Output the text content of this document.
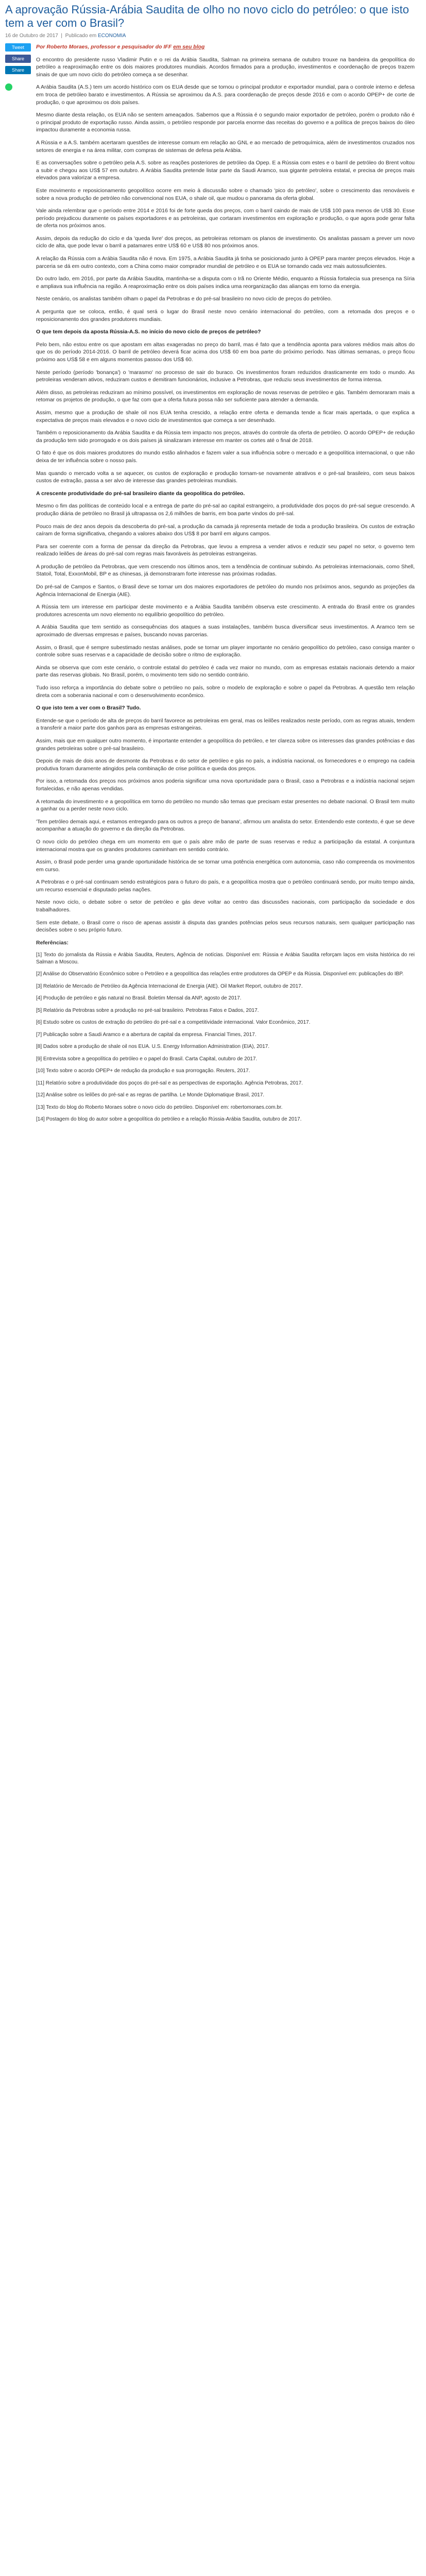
A aprovação Rússia-Arábia Saudita de olho no novo ciclo do petróleo: o que isto tem a ver com o Brasil?
16 de Outubro de 2017  |  Publicado em ECONOMIA
Tweet
Share
Share

Por Roberto Moraes, professor e pesquisador do IFF em seu blog

O encontro do presidente russo Vladimir Putin e o rei da Arábia Saudita, Salman na primeira semana de outubro trouxe na bandeira da geopolítica do petróleo a reaproximação entre os dois maiores produtores mundiais. Acordos firmados para a produção, investimentos e coordenação de preços trazem sinais de que um novo ciclo do petróleo começa a se desenhar.

A Arábia Saudita (A.S.) tem um acordo histórico com os EUA desde que se tornou o principal produtor e exportador mundial, para o controle interno e defesa em troca de petróleo barato e investimentos. A Rússia se aproximou da A.S. para coordenação de preços desde 2016 e com o acordo OPEP+ de corte de produção, o que aproximou os dois países.

Mesmo diante desta relação, os EUA não se sentem ameaçados. Sabemos que a Rússia é o segundo maior exportador de petróleo, porém o produto não é o principal produto de exportação russo. Ainda assim, o petróleo responde por parcela enorme das receitas do governo e a política de preços baixos do óleo impactou duramente a economia russa.

A Rússia e a A.S. também acertaram questões de interesse comum em relação ao GNL e ao mercado de petroquímica, além de investimentos cruzados nos setores de energia e na área militar, com compras de sistemas de defesa pela Arábia.

E as conversações sobre o petróleo pela A.S. sobre as reações posteriores de petróleo da Opep. E a Rússia com estes e o barril de petróleo do Brent voltou a subir e chegou aos US$ 57 em outubro. A Arábia Saudita pretende listar parte da Saudi Aramco, sua gigante petroleira estatal, e precisa de preços mais elevados para valorizar a empresa.

Este movimento e reposicionamento geopolítico ocorre em meio à discussão sobre o chamado 'pico do petróleo', sobre o crescimento das renováveis e sobre a nova produção de petróleo não convencional nos EUA, o shale oil, que mudou o panorama da oferta global.

Vale ainda relembrar que o período entre 2014 e 2016 foi de forte queda dos preços, com o barril caindo de mais de US$ 100 para menos de US$ 30. Esse período prejudicou duramente os países exportadores e as petroleiras, que cortaram investimentos em exploração e produção, o que agora pode gerar falta de oferta nos próximos anos.

Assim, depois da redução do ciclo e da 'queda livre' dos preços, as petroleiras retomam os planos de investimento. Os analistas passam a prever um novo ciclo de alta, que pode levar o barril a patamares entre US$ 60 e US$ 80 nos próximos anos.

A relação da Rússia com a Arábia Saudita não é nova. Em 1975, a Arábia Saudita já tinha se posicionado junto à OPEP para manter preços elevados. Hoje a parceria se dá em outro contexto, com a China como maior comprador mundial de petróleo e os EUA se tornando cada vez mais autossuficientes.

Do outro lado, em 2016, por parte da Arábia Saudita, mantinha-se a disputa com o Irã no Oriente Médio, enquanto a Rússia fortalecia sua presença na Síria e ampliava sua influência na região. A reaproximação entre os dois países indica uma reorganização das alianças em torno da energia.

Neste cenário, os analistas também olham o papel da Petrobras e do pré-sal brasileiro no novo ciclo de preços do petróleo.

A pergunta que se coloca, então, é qual será o lugar do Brasil neste novo cenário internacional do petróleo, com a retomada dos preços e o reposicionamento dos grandes produtores mundiais.

O que tem depois da aposta Rússia-A.S. no início do novo ciclo de preços de petróleo?

Pelo bem, não estou entre os que apostam em altas exageradas no preço do barril, mas é fato que a tendência aponta para valores médios mais altos do que os do período 2014-2016. O barril de petróleo deverá ficar acima dos US$ 60 em boa parte do próximo período. Nas últimas semanas, o preço ficou próximo aos US$ 58 e em alguns momentos passou dos US$ 60.

Neste período (período 'bonança') o 'marasmo' no processo de sair do buraco. Os investimentos foram reduzidos drasticamente em todo o mundo. As petroleiras venderam ativos, reduziram custos e demitiram funcionários, inclusive a Petrobras, que reduziu seus investimentos de forma intensa.

Além disso, as petroleiras reduziram ao mínimo possível, os investimentos em exploração de novas reservas de petróleo e gás. Também demoraram mais a retomar os projetos de produção, o que faz com que a oferta futura possa não ser suficiente para atender a demanda.

Assim, mesmo que a produção de shale oil nos EUA tenha crescido, a relação entre oferta e demanda tende a ficar mais apertada, o que explica a expectativa de preços mais elevados e o novo ciclo de investimentos que começa a ser desenhado.

Também o reposicionamento da Arábia Saudita e da Rússia tem impacto nos preços, através do controle da oferta de petróleo. O acordo OPEP+ de redução da produção tem sido prorrogado e os dois países já sinalizaram interesse em manter os cortes até o final de 2018.

O fato é que os dois maiores produtores do mundo estão alinhados e fazem valer a sua influência sobre o mercado e a geopolítica internacional, o que não deixa de ter influência sobre o nosso país.

Mas quando o mercado volta a se aquecer, os custos de exploração e produção tornam-se novamente atrativos e o pré-sal brasileiro, com seus baixos custos de extração, passa a ser alvo de interesse das grandes petroleiras mundiais.

A crescente produtividade do pré-sal brasileiro diante da geopolítica do petróleo.

Mesmo o fim das políticas de conteúdo local e a entrega de parte do pré-sal ao capital estrangeiro, a produtividade dos poços do pré-sal segue crescendo. A produção diária de petróleo no Brasil já ultrapassa os 2,6 milhões de barris, em boa parte vindos do pré-sal.

Pouco mais de dez anos depois da descoberta do pré-sal, a produção da camada já representa metade de toda a produção brasileira. Os custos de extração caíram de forma significativa, chegando a valores abaixo dos US$ 8 por barril em alguns campos.

Para ser coerente com a forma de pensar da direção da Petrobras, que levou a empresa a vender ativos e reduzir seu papel no setor, o governo tem realizado leilões de áreas do pré-sal com regras mais favoráveis às petroleiras estrangeiras.

A produção de petróleo da Petrobras, que vem crescendo nos últimos anos, tem a tendência de continuar subindo. As petroleiras internacionais, como Shell, Statoil, Total, ExxonMobil, BP e as chinesas, já demonstraram forte interesse nas próximas rodadas.

Do pré-sal de Campos e Santos, o Brasil deve se tornar um dos maiores exportadores de petróleo do mundo nos próximos anos, segundo as projeções da Agência Internacional de Energia (AIE).

A Rússia tem um interesse em participar deste movimento e a Arábia Saudita também observa este crescimento. A entrada do Brasil entre os grandes produtores acrescenta um novo elemento no equilíbrio geopolítico do petróleo.

A Arábia Saudita que tem sentido as consequências dos ataques a suas instalações, também busca diversificar seus investimentos. A Aramco tem se aproximado de diversas empresas e países, buscando novas parcerias.

Assim, o Brasil, que é sempre subestimado nestas análises, pode se tornar um player importante no cenário geopolítico do petróleo, caso consiga manter o controle sobre suas reservas e a capacidade de decisão sobre o ritmo de exploração.

Ainda se observa que com este cenário, o controle estatal do petróleo é cada vez maior no mundo, com as empresas estatais nacionais detendo a maior parte das reservas globais. No Brasil, porém, o movimento tem sido no sentido contrário.

Tudo isso reforça a importância do debate sobre o petróleo no país, sobre o modelo de exploração e sobre o papel da Petrobras. A questão tem relação direta com a soberania nacional e com o desenvolvimento econômico.

O que isto tem a ver com o Brasil? Tudo.

Entende-se que o período de alta de preços do barril favorece as petroleiras em geral, mas os leilões realizados neste período, com as regras atuais, tendem a transferir a maior parte dos ganhos para as empresas estrangeiras.

Assim, mais que em qualquer outro momento, é importante entender a geopolítica do petróleo, e ter clareza sobre os interesses das grandes potências e das grandes petroleiras sobre o pré-sal brasileiro.

Depois de mais de dois anos de desmonte da Petrobras e do setor de petróleo e gás no país, a indústria nacional, os fornecedores e o emprego na cadeia produtiva foram duramente atingidos pela combinação de crise política e queda dos preços.

Por isso, a retomada dos preços nos próximos anos poderia significar uma nova oportunidade para o Brasil, caso a Petrobras e a indústria nacional sejam fortalecidas, e não apenas vendidas.

A retomada do investimento e a geopolítica em torno do petróleo no mundo são temas que precisam estar presentes no debate nacional. O Brasil tem muito a ganhar ou a perder neste novo ciclo.

'Tem petróleo demais aqui, e estamos entregando para os outros a preço de banana', afirmou um analista do setor. Entendendo este contexto, é que se deve acompanhar a atuação do governo e da direção da Petrobras.

O novo ciclo do petróleo chega em um momento em que o país abre mão de parte de suas reservas e reduz a participação da estatal. A conjuntura internacional mostra que os grandes produtores caminham em sentido contrário.

Assim, o Brasil pode perder uma grande oportunidade histórica de se tornar uma potência energética com autonomia, caso não compreenda os movimentos em curso.

A Petrobras e o pré-sal continuam sendo estratégicos para o futuro do país, e a geopolítica mostra que o petróleo continuará sendo, por muito tempo ainda, um recurso essencial e disputado pelas nações.

Neste novo ciclo, o debate sobre o setor de petróleo e gás deve voltar ao centro das discussões nacionais, com participação da sociedade e dos trabalhadores.

Sem este debate, o Brasil corre o risco de apenas assistir à disputa das grandes potências pelos seus recursos naturais, sem qualquer participação nas decisões sobre o seu próprio futuro.

Referências:

[1] Texto do jornalista da Rússia e Arábia Saudita, Reuters, Agência de notícias. Disponível em: Rússia e Arábia Saudita reforçam laços em visita histórica do rei Salman a Moscou.

[2] Análise do Observatório Econômico sobre o Petróleo e a geopolítica das relações entre produtores da OPEP e da Rússia. Disponível em: publicações do IBP.

[3] Relatório de Mercado de Petróleo da Agência Internacional de Energia (AIE). Oil Market Report, outubro de 2017.

[4] Produção de petróleo e gás natural no Brasil. Boletim Mensal da ANP, agosto de 2017.

[5] Relatório da Petrobras sobre a produção no pré-sal brasileiro. Petrobras Fatos e Dados, 2017.

[6] Estudo sobre os custos de extração do petróleo do pré-sal e a competitividade internacional. Valor Econômico, 2017.

[7] Publicação sobre a Saudi Aramco e a abertura de capital da empresa. Financial Times, 2017.

[8] Dados sobre a produção de shale oil nos EUA. U.S. Energy Information Administration (EIA), 2017.

[9] Entrevista sobre a geopolítica do petróleo e o papel do Brasil. Carta Capital, outubro de 2017.

[10] Texto sobre o acordo OPEP+ de redução da produção e sua prorrogação. Reuters, 2017.

[11] Relatório sobre a produtividade dos poços do pré-sal e as perspectivas de exportação. Agência Petrobras, 2017.

[12] Análise sobre os leilões do pré-sal e as regras de partilha. Le Monde Diplomatique Brasil, 2017.

[13] Texto do blog do Roberto Moraes sobre o novo ciclo do petróleo. Disponível em: robertomoraes.com.br.

[14] Postagem do blog do autor sobre a geopolítica do petróleo e a relação Rússia-Arábia Saudita, outubro de 2017.
